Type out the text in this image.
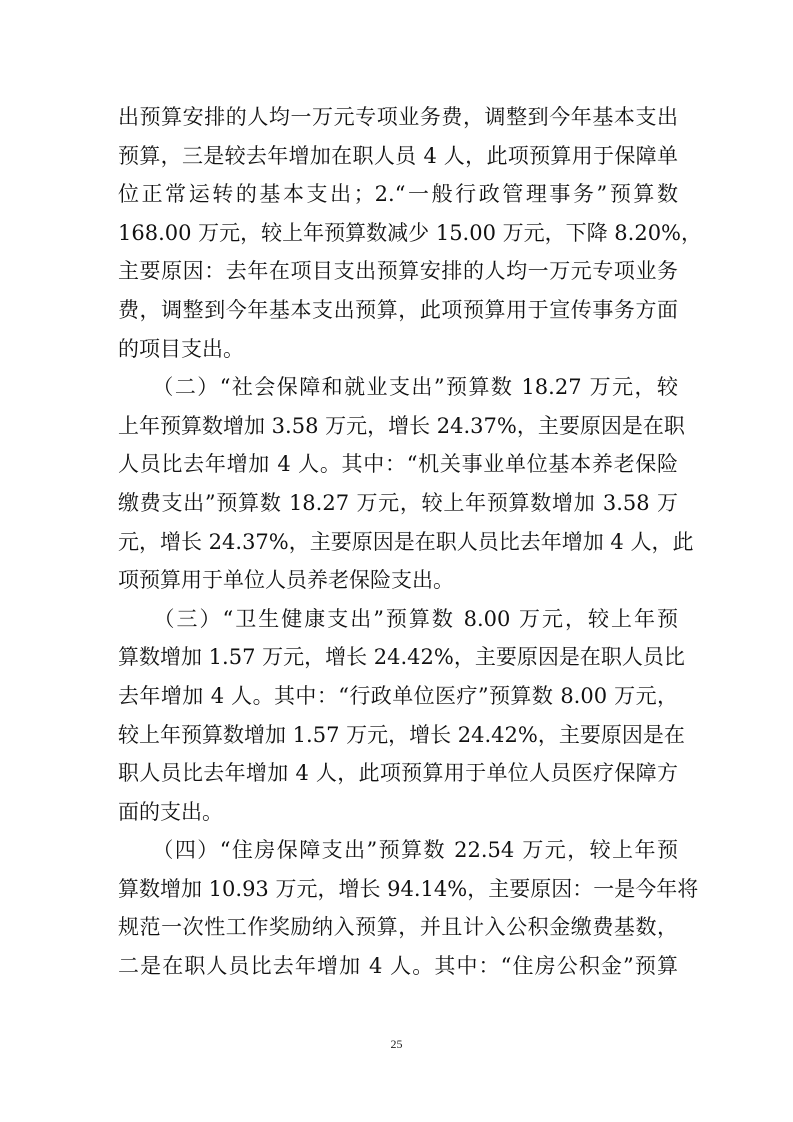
出预算安排的人均一万元专项业务费，调整到今年基本支出
预算，三是较去年增加在职人员 4 人，此项预算用于保障单
位正常运转的基本支出；2.“一般行政管理事务”预算数
168.00 万元，较上年预算数减少 15.00 万元，下降 8.20%，
主要原因：去年在项目支出预算安排的人均一万元专项业务
费，调整到今年基本支出预算，此项预算用于宣传事务方面
的项目支出。
　　（二）“社会保障和就业支出”预算数 18.27 万元，较
上年预算数增加 3.58 万元，增长 24.37%，主要原因是在职
人员比去年增加 4 人。其中：“机关事业单位基本养老保险
缴费支出”预算数 18.27 万元，较上年预算数增加 3.58 万
元，增长 24.37%，主要原因是在职人员比去年增加 4 人，此
项预算用于单位人员养老保险支出。
　　（三）“卫生健康支出”预算数 8.00 万元，较上年预
算数增加 1.57 万元，增长 24.42%，主要原因是在职人员比
去年增加 4 人。其中：“行政单位医疗”预算数 8.00 万元，
较上年预算数增加 1.57 万元，增长 24.42%，主要原因是在
职人员比去年增加 4 人，此项预算用于单位人员医疗保障方
面的支出。
　　（四）“住房保障支出”预算数 22.54 万元，较上年预
算数增加 10.93 万元，增长 94.14%，主要原因：一是今年将
规范一次性工作奖励纳入预算，并且计入公积金缴费基数，
二是在职人员比去年增加 4 人。其中：“住房公积金”预算
25
